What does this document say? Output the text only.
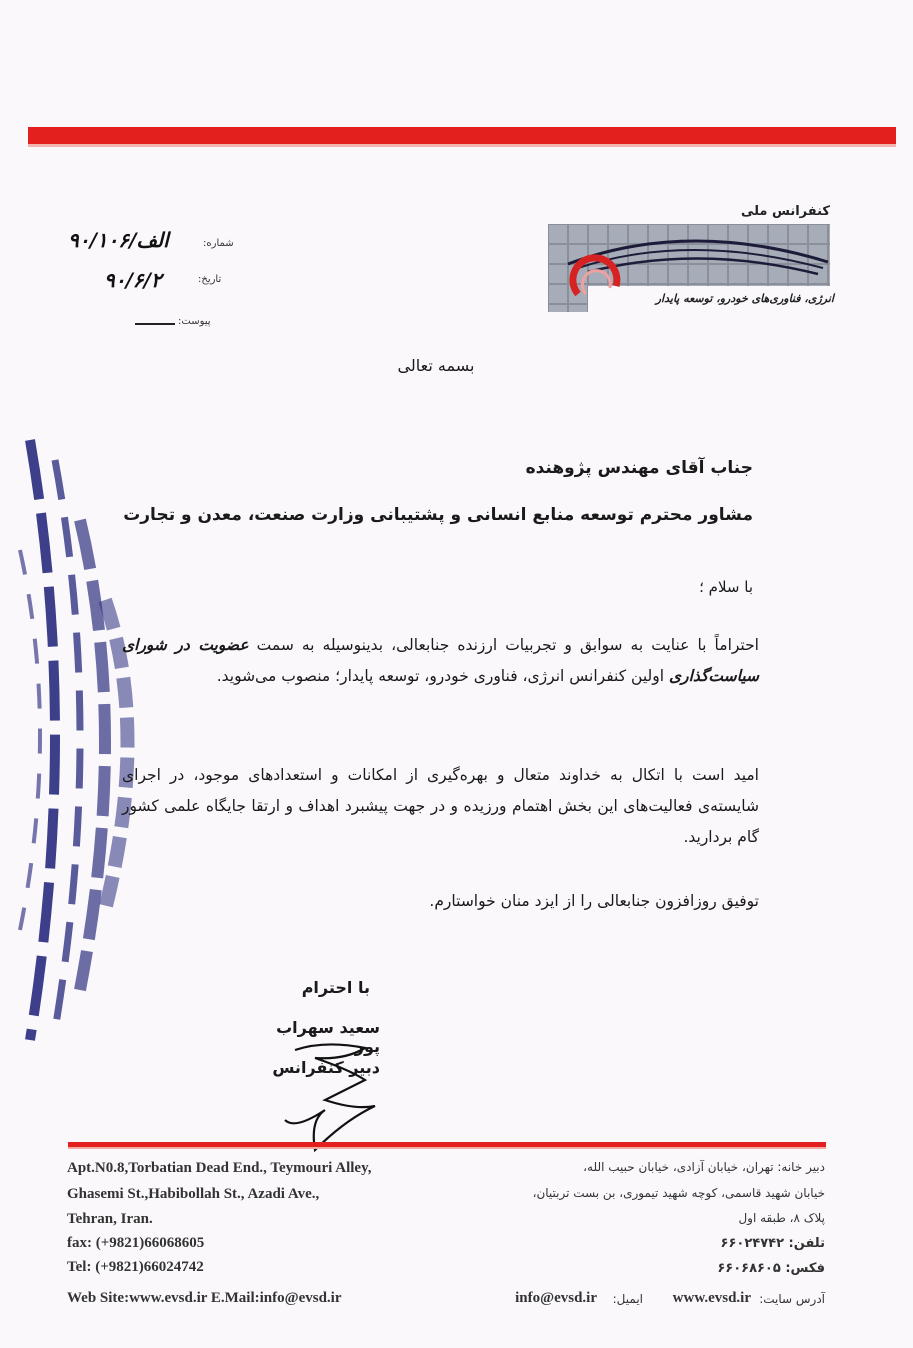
کنفرانس ملی
انرژی، فناوری‌های خودرو، توسعه پایدار
شماره:
۹۰/الف/۱۰۶
تاریخ:
۹۰/۶/۲
پیوست:
بسمه تعالی
جناب آقای مهندس پژوهنده
مشاور محترم توسعه منابع انسانی و پشتیبانی وزارت صنعت، معدن و تجارت
با سلام ؛
احتراماً با عنایت به سوابق و تجربیات ارزنده جنابعالی، بدینوسیله به سمت عضویت در شورای سیاست‌گذاری اولین کنفرانس انرژی، فناوری خودرو، توسعه پایدار؛ منصوب می‌شوید.
امید است با اتکال به خداوند متعال و بهره‌گیری از امکانات و استعدادهای موجود، در اجرای شایسته‌ی فعالیت‌های این بخش اهتمام ورزیده و در جهت پیشبرد اهداف و ارتقا جایگاه علمی کشور گام بردارید.
توفیق روزافزون جنابعالی را از ایزد منان خواستارم.
با احترام
سعید سهراب پور
دبیر کنفرانس
Apt.N0.8,Torbatian Dead End., Teymouri Alley,
Ghasemi St.,Habibollah St., Azadi Ave.,
Tehran, Iran.
fax: (+9821)66068605
Tel: (+9821)66024742
Web Site:www.evsd.ir E.Mail:info@evsd.ir
دبیر خانه: تهران، خیابان آزادی، خیابان حبیب الله،
خیابان شهید قاسمی، کوچه شهید تیموری، بن بست تربتیان،
پلاک ۸، طبقه اول
تلفن: ۶۶۰۲۴۷۴۲
فکس: ۶۶۰۶۸۶۰۵
آدرس سایت:
www.evsd.ir
ایمیل:
info@evsd.ir
